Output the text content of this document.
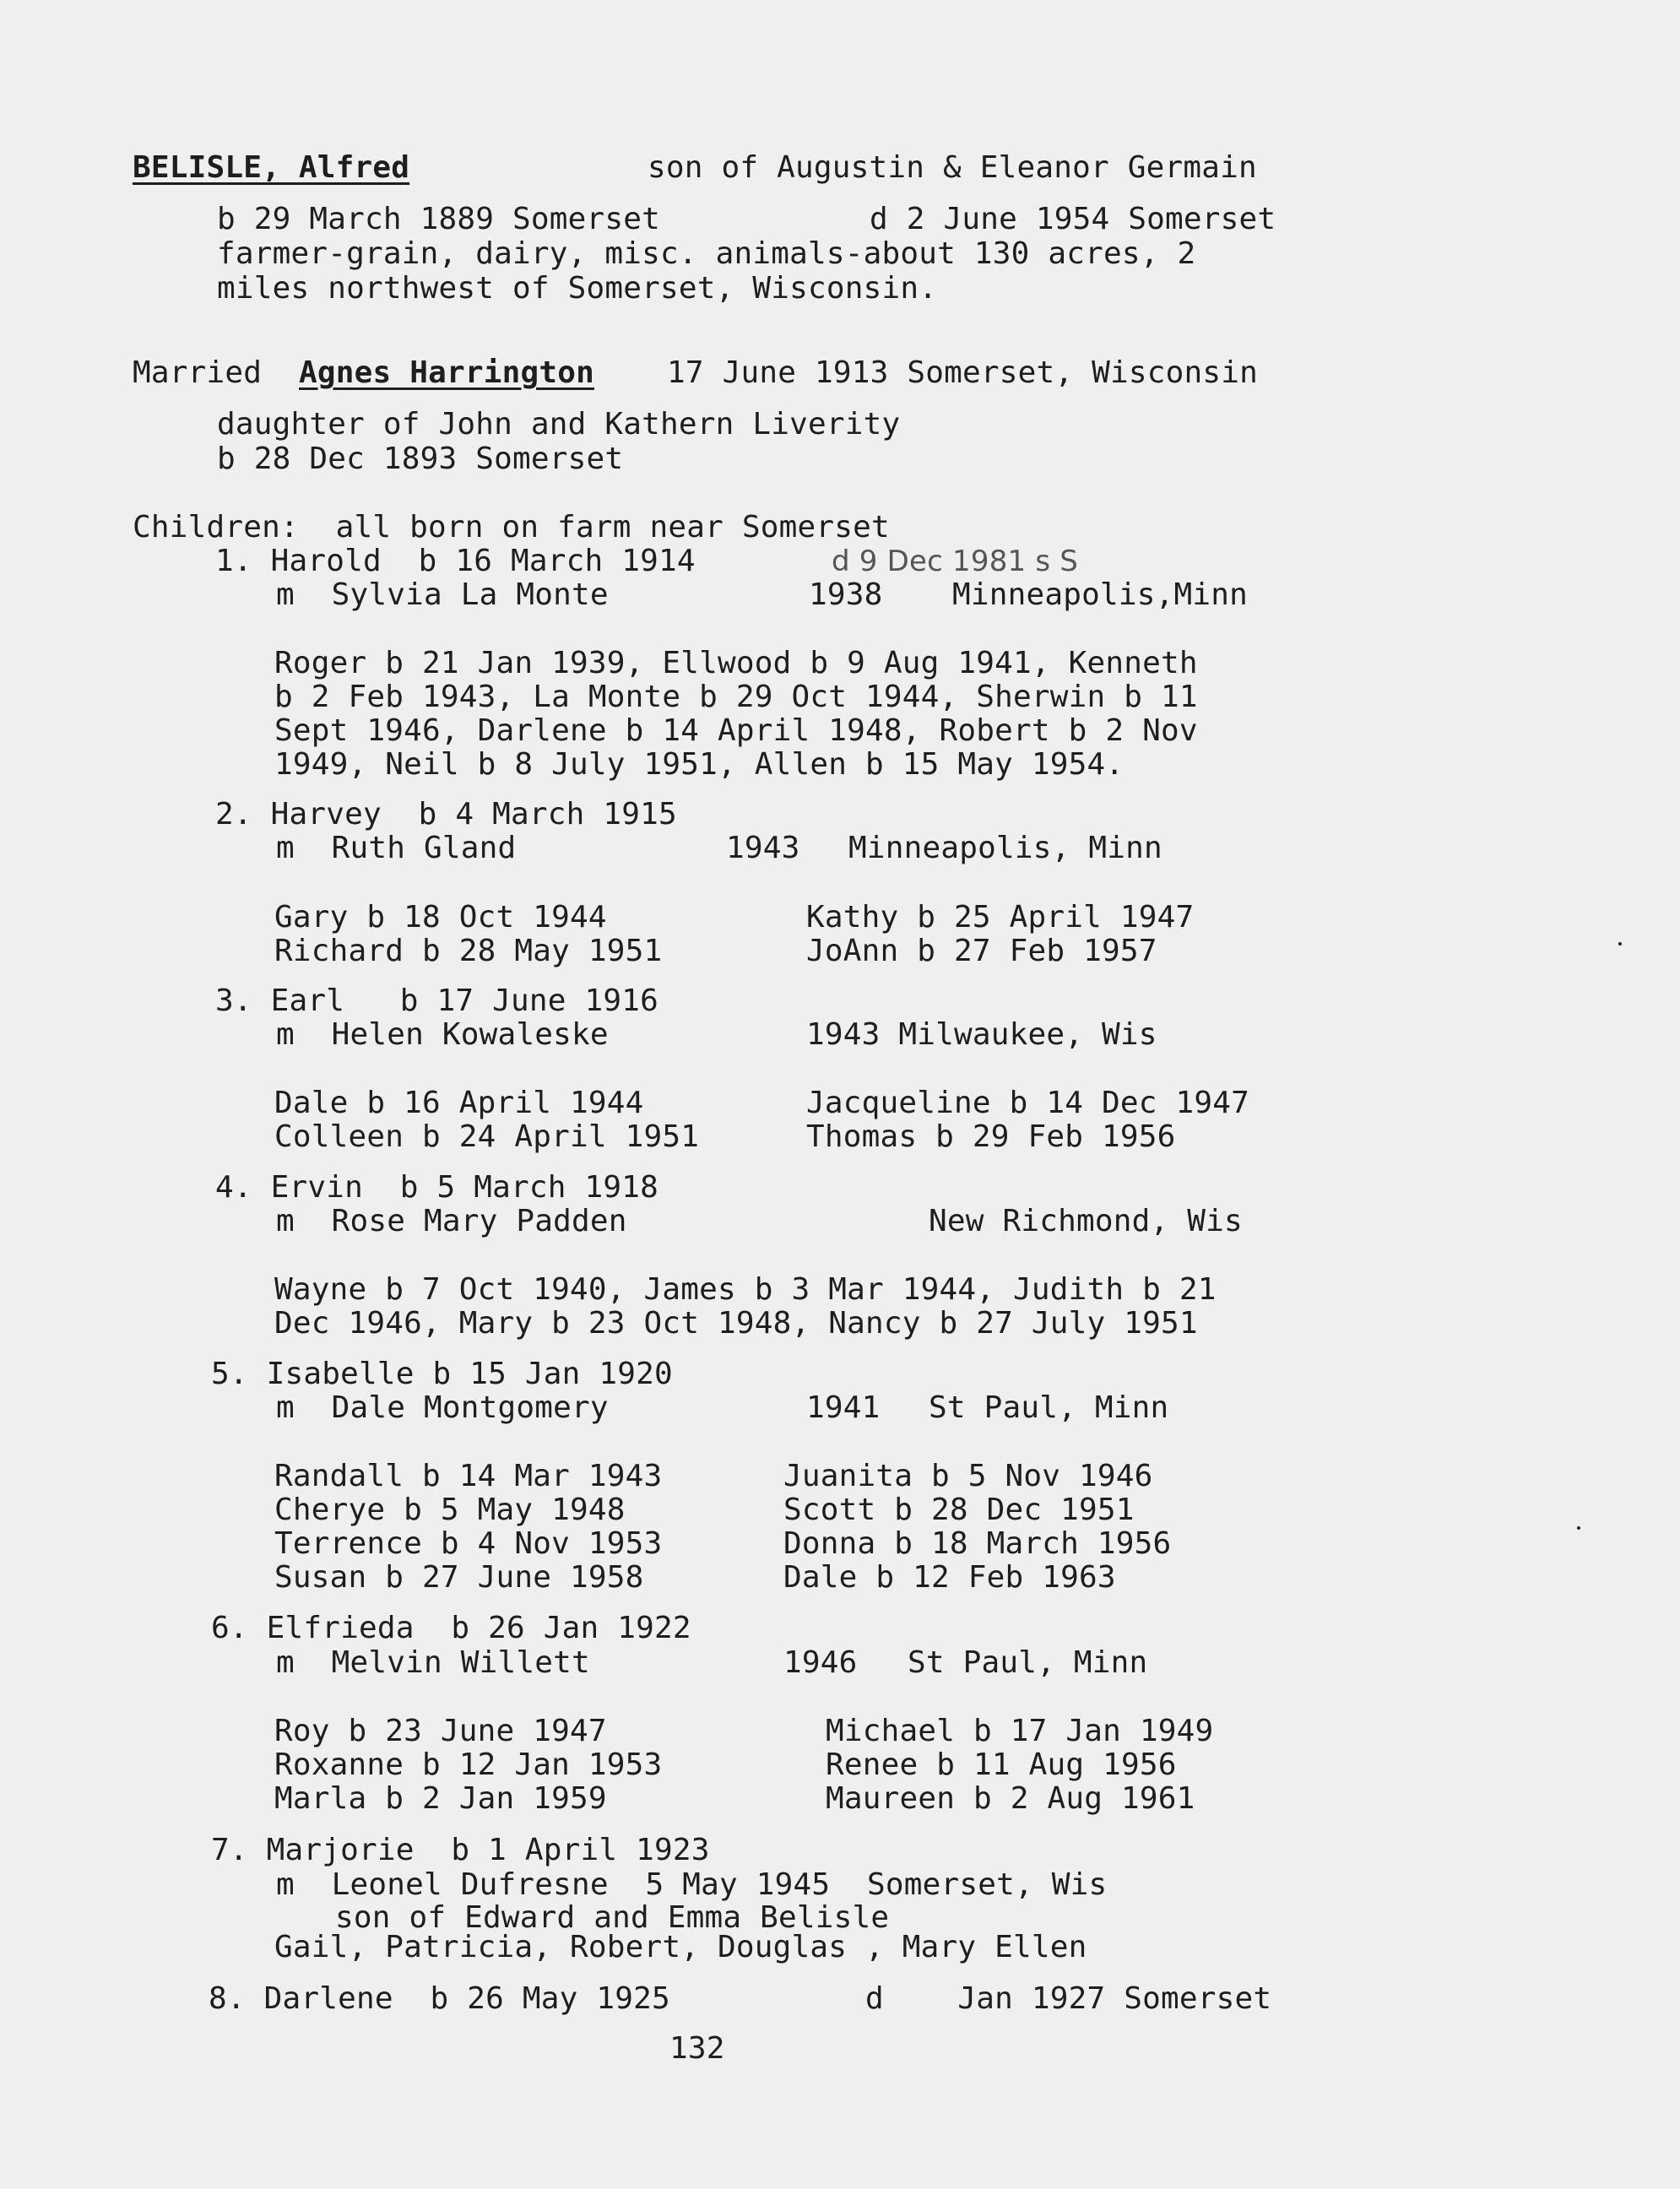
BELISLE, Alfred	son of Augustin & Eleanor Germain
b 29 March 1889 Somerset	d 2 June 1954 Somerset
farmer-grain, dairy, misc. animals-about 130 acres, 2
miles northwest of Somerset, Wisconsin.
Married Agnes Harrington 17 June 1913 Somerset, Wisconsin
daughter of John and Kathern Liverity
b 28 Dec 1893 Somerset
Children:  all born on farm near Somerset
1. Harold  b 16 March 1914	d 9 Dec 1981 s S
m  Sylvia La Monte	1938 Minneapolis,Minn
Roger b 21 Jan 1939, Ellwood b 9 Aug 1941, Kenneth
b 2 Feb 1943, La Monte b 29 Oct 1944, Sherwin b 11
Sept 1946, Darlene b 14 April 1948, Robert b 2 Nov
1949, Neil b 8 July 1951, Allen b 15 May 1954.
2. Harvey  b 4 March 1915
m  Ruth Gland	1943 Minneapolis, Minn
Gary b 18 Oct 1944	Kathy b 25 April 1947
Richard b 28 May 1951	JoAnn b 27 Feb 1957
3. Earl   b 17 June 1916
m  Helen Kowaleske	1943 Milwaukee, Wis
Dale b 16 April 1944	Jacqueline b 14 Dec 1947
Colleen b 24 April 1951	Thomas b 29 Feb 1956
4. Ervin  b 5 March 1918
m  Rose Mary Padden	New Richmond, Wis
Wayne b 7 Oct 1940, James b 3 Mar 1944, Judith b 21
Dec 1946, Mary b 23 Oct 1948, Nancy b 27 July 1951
5. Isabelle b 15 Jan 1920
m  Dale Montgomery	1941 St Paul, Minn
Randall b 14 Mar 1943	Juanita b 5 Nov 1946
Cherye b 5 May 1948	Scott b 28 Dec 1951
Terrence b 4 Nov 1953	Donna b 18 March 1956
Susan b 27 June 1958	Dale b 12 Feb 1963
6. Elfrieda  b 26 Jan 1922
m  Melvin Willett	1946 St Paul, Minn
Roy b 23 June 1947	Michael b 17 Jan 1949
Roxanne b 12 Jan 1953	Renee b 11 Aug 1956
Marla b 2 Jan 1959	Maureen b 2 Aug 1961
7. Marjorie  b 1 April 1923
m  Leonel Dufresne  5 May 1945  Somerset, Wis
son of Edward and Emma Belisle
Gail, Patricia, Robert, Douglas , Mary Ellen
8. Darlene  b 26 May 1925	d    Jan 1927 Somerset
132
